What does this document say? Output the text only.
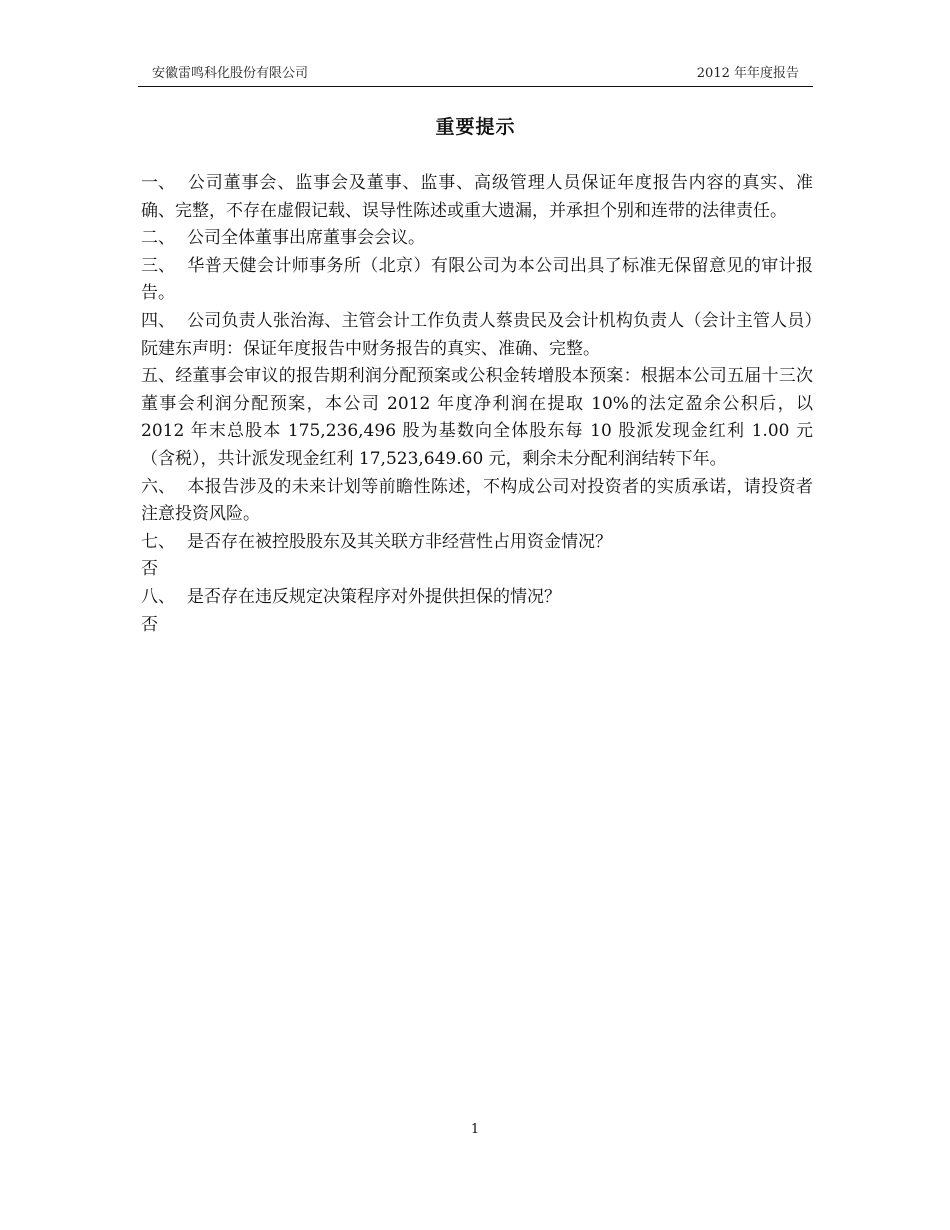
安徽雷鸣科化股份有限公司	2012 年年度报告
重要提示

一、 公司董事会、监事会及董事、监事、高级管理人员保证年度报告内容的真实、准确、完整，不存在虚假记载、误导性陈述或重大遗漏，并承担个别和连带的法律责任。

二、 公司全体董事出席董事会会议。

三、 华普天健会计师事务所（北京）有限公司为本公司出具了标准无保留意见的审计报告。

四、 公司负责人张治海、主管会计工作负责人蔡贵民及会计机构负责人（会计主管人员）阮建东声明：保证年度报告中财务报告的真实、准确、完整。

五、经董事会审议的报告期利润分配预案或公积金转增股本预案：根据本公司五届十三次董事会利润分配预案，本公司 2012 年度净利润在提取 10%的法定盈余公积后，以 2012 年末总股本 175,236,496 股为基数向全体股东每 10 股派发现金红利 1.00 元（含税），共计派发现金红利 17,523,649.60 元，剩余未分配利润结转下年。

六、 本报告涉及的未来计划等前瞻性陈述，不构成公司对投资者的实质承诺，请投资者注意投资风险。

七、 是否存在被控股股东及其关联方非经营性占用资金情况？

否

八、 是否存在违反规定决策程序对外提供担保的情况？

否

1
